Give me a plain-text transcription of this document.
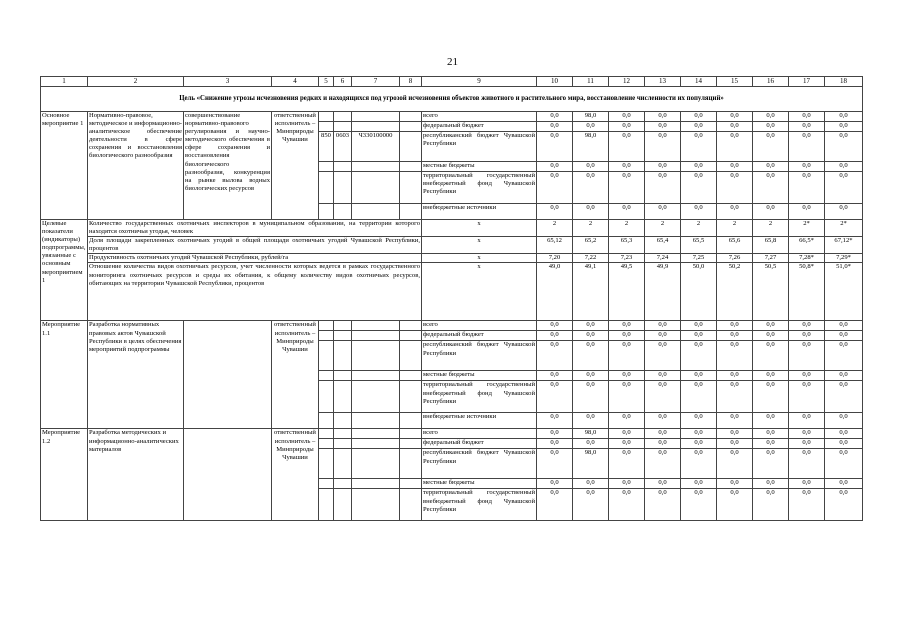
21
1	2	3	4	5	6	7	8	9	10	11	12	13	14	15	16	17	18
Цель «Снижение угрозы исчезновения редких и находящихся под угрозой исчезновения объектов животного и растительного мира, восстановление численности их популяций»																	
Основное мероприятие 1	Нормативно-правовое, методическое и информационно-аналитическое обеспечение деятельности в сфере сохранения и восстановления биологического разнообразия	совершенствование нормативно-правового регулирования и научно-методического обеспечения в сфере сохранения и восстановления биологического разнообразия, конкуренция на рынке вылова водных биологических ресурсов	ответственный исполнитель – Минприроды Чувашии					всего	0,0	98,0	0,0	0,0	0,0	0,0	0,0	0,0	0,0
								федеральный бюджет	0,0	0,0	0,0	0,0	0,0	0,0	0,0	0,0	0,0
				850	0603	Ч330100000		республиканский бюджет Чувашской Республики	0,0	98,0	0,0	0,0	0,0	0,0	0,0	0,0	0,0
								местные бюджеты	0,0	0,0	0,0	0,0	0,0	0,0	0,0	0,0	0,0
								территориальный государственный внебюджетный фонд Чувашской Республики	0,0	0,0	0,0	0,0	0,0	0,0	0,0	0,0	0,0
								внебюджетные источники	0,0	0,0	0,0	0,0	0,0	0,0	0,0	0,0	0,0
Целевые показатели (индикаторы) подпрограммы, увязанные с основным мероприятием 1	Количество государственных охотничьих инспекторов в муниципальном образовании, на территории которого находятся охотничьи угодья, человек							х	2	2	2	2	2	2	2	2*	2*
	Доля площади закрепленных охотничьих угодий в общей площади охотничьих угодий Чувашской Республики, процентов							х	65,12	65,2	65,3	65,4	65,5	65,6	65,8	66,5*	67,12*
	Продуктивность охотничьих угодий Чувашской Республики, рублей/га							х	7,20	7,22	7,23	7,24	7,25	7,26	7,27	7,28*	7,29*
	Отношение количества видов охотничьих ресурсов, учет численности которых ведется в рамках государственного мониторинга охотничьих ресурсов и среды их обитания, к общему количеству видов охотничьих ресурсов, обитающих на территории Чувашской Республики, процентов							х	49,0	49,1	49,5	49,9	50,0	50,2	50,5	50,8*	51,0*
Мероприятие 1.1	Разработка нормативных правовых актов Чувашской Республики в целях обеспечения мероприятий подпрограммы		ответственный исполнитель – Минприроды Чувашии					всего	0,0	0,0	0,0	0,0	0,0	0,0	0,0	0,0	0,0
								федеральный бюджет	0,0	0,0	0,0	0,0	0,0	0,0	0,0	0,0	0,0
								республиканский бюджет Чувашской Республики	0,0	0,0	0,0	0,0	0,0	0,0	0,0	0,0	0,0
								местные бюджеты	0,0	0,0	0,0	0,0	0,0	0,0	0,0	0,0	0,0
								территориальный государственный внебюджетный фонд Чувашской Республики	0,0	0,0	0,0	0,0	0,0	0,0	0,0	0,0	0,0
								внебюджетные источники	0,0	0,0	0,0	0,0	0,0	0,0	0,0	0,0	0,0
Мероприятие 1.2	Разработка методических и информационно-аналитических материалов		ответственный исполнитель – Минприроды Чувашии					всего	0,0	98,0	0,0	0,0	0,0	0,0	0,0	0,0	0,0
								федеральный бюджет	0,0	0,0	0,0	0,0	0,0	0,0	0,0	0,0	0,0
								республиканский бюджет Чувашской Республики	0,0	98,0	0,0	0,0	0,0	0,0	0,0	0,0	0,0
								местные бюджеты	0,0	0,0	0,0	0,0	0,0	0,0	0,0	0,0	0,0
								территориальный государственный внебюджетный фонд Чувашской Республики	0,0	0,0	0,0	0,0	0,0	0,0	0,0	0,0	0,0
